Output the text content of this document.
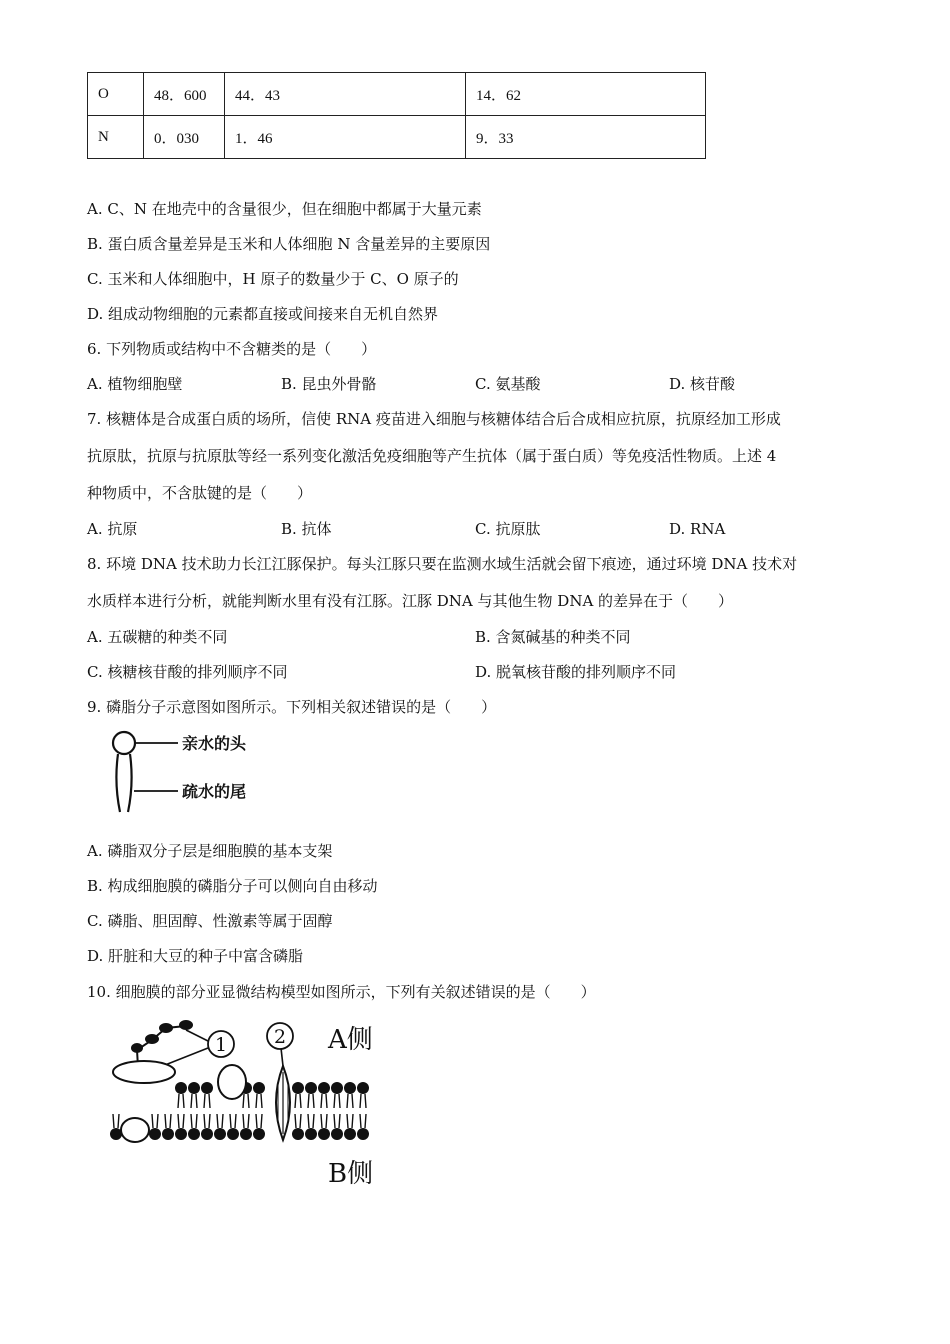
O	48．600	44．43	14．62
N	0．030	1．46	9．33
A. C、N 在地壳中的含量很少，但在细胞中都属于大量元素
B. 蛋白质含量差异是玉米和人体细胞 N 含量差异的主要原因
C. 玉米和人体细胞中，H 原子的数量少于 C、O 原子的
D. 组成动物细胞的元素都直接或间接来自无机自然界
6. 下列物质或结构中不含糖类的是（　　）
A. 植物细胞壁	B. 昆虫外骨骼	C. 氨基酸	D. 核苷酸
7. 核糖体是合成蛋白质的场所，信使 RNA 疫苗进入细胞与核糖体结合后合成相应抗原，抗原经加工形成
抗原肽，抗原与抗原肽等经一系列变化激活免疫细胞等产生抗体（属于蛋白质）等免疫活性物质。上述 4
种物质中，不含肽键的是（　　）
A. 抗原	B. 抗体	C. 抗原肽	D. RNA
8. 环境 DNA 技术助力长江江豚保护。每头江豚只要在监测水域生活就会留下痕迹，通过环境 DNA 技术对
水质样本进行分析，就能判断水里有没有江豚。江豚 DNA 与其他生物 DNA 的差异在于（　　）
A. 五碳糖的种类不同	B. 含氮碱基的种类不同
C. 核糖核苷酸的排列顺序不同	D. 脱氧核苷酸的排列顺序不同
9. 磷脂分子示意图如图所示。下列相关叙述错误的是（　　）
亲水的头
疏水的尾
A. 磷脂双分子层是细胞膜的基本支架
B. 构成细胞膜的磷脂分子可以侧向自由移动
C. 磷脂、胆固醇、性激素等属于固醇
D. 肝脏和大豆的种子中富含磷脂
10. 细胞膜的部分亚显微结构模型如图所示，下列有关叙述错误的是（　　）
1 2 A侧
B侧
